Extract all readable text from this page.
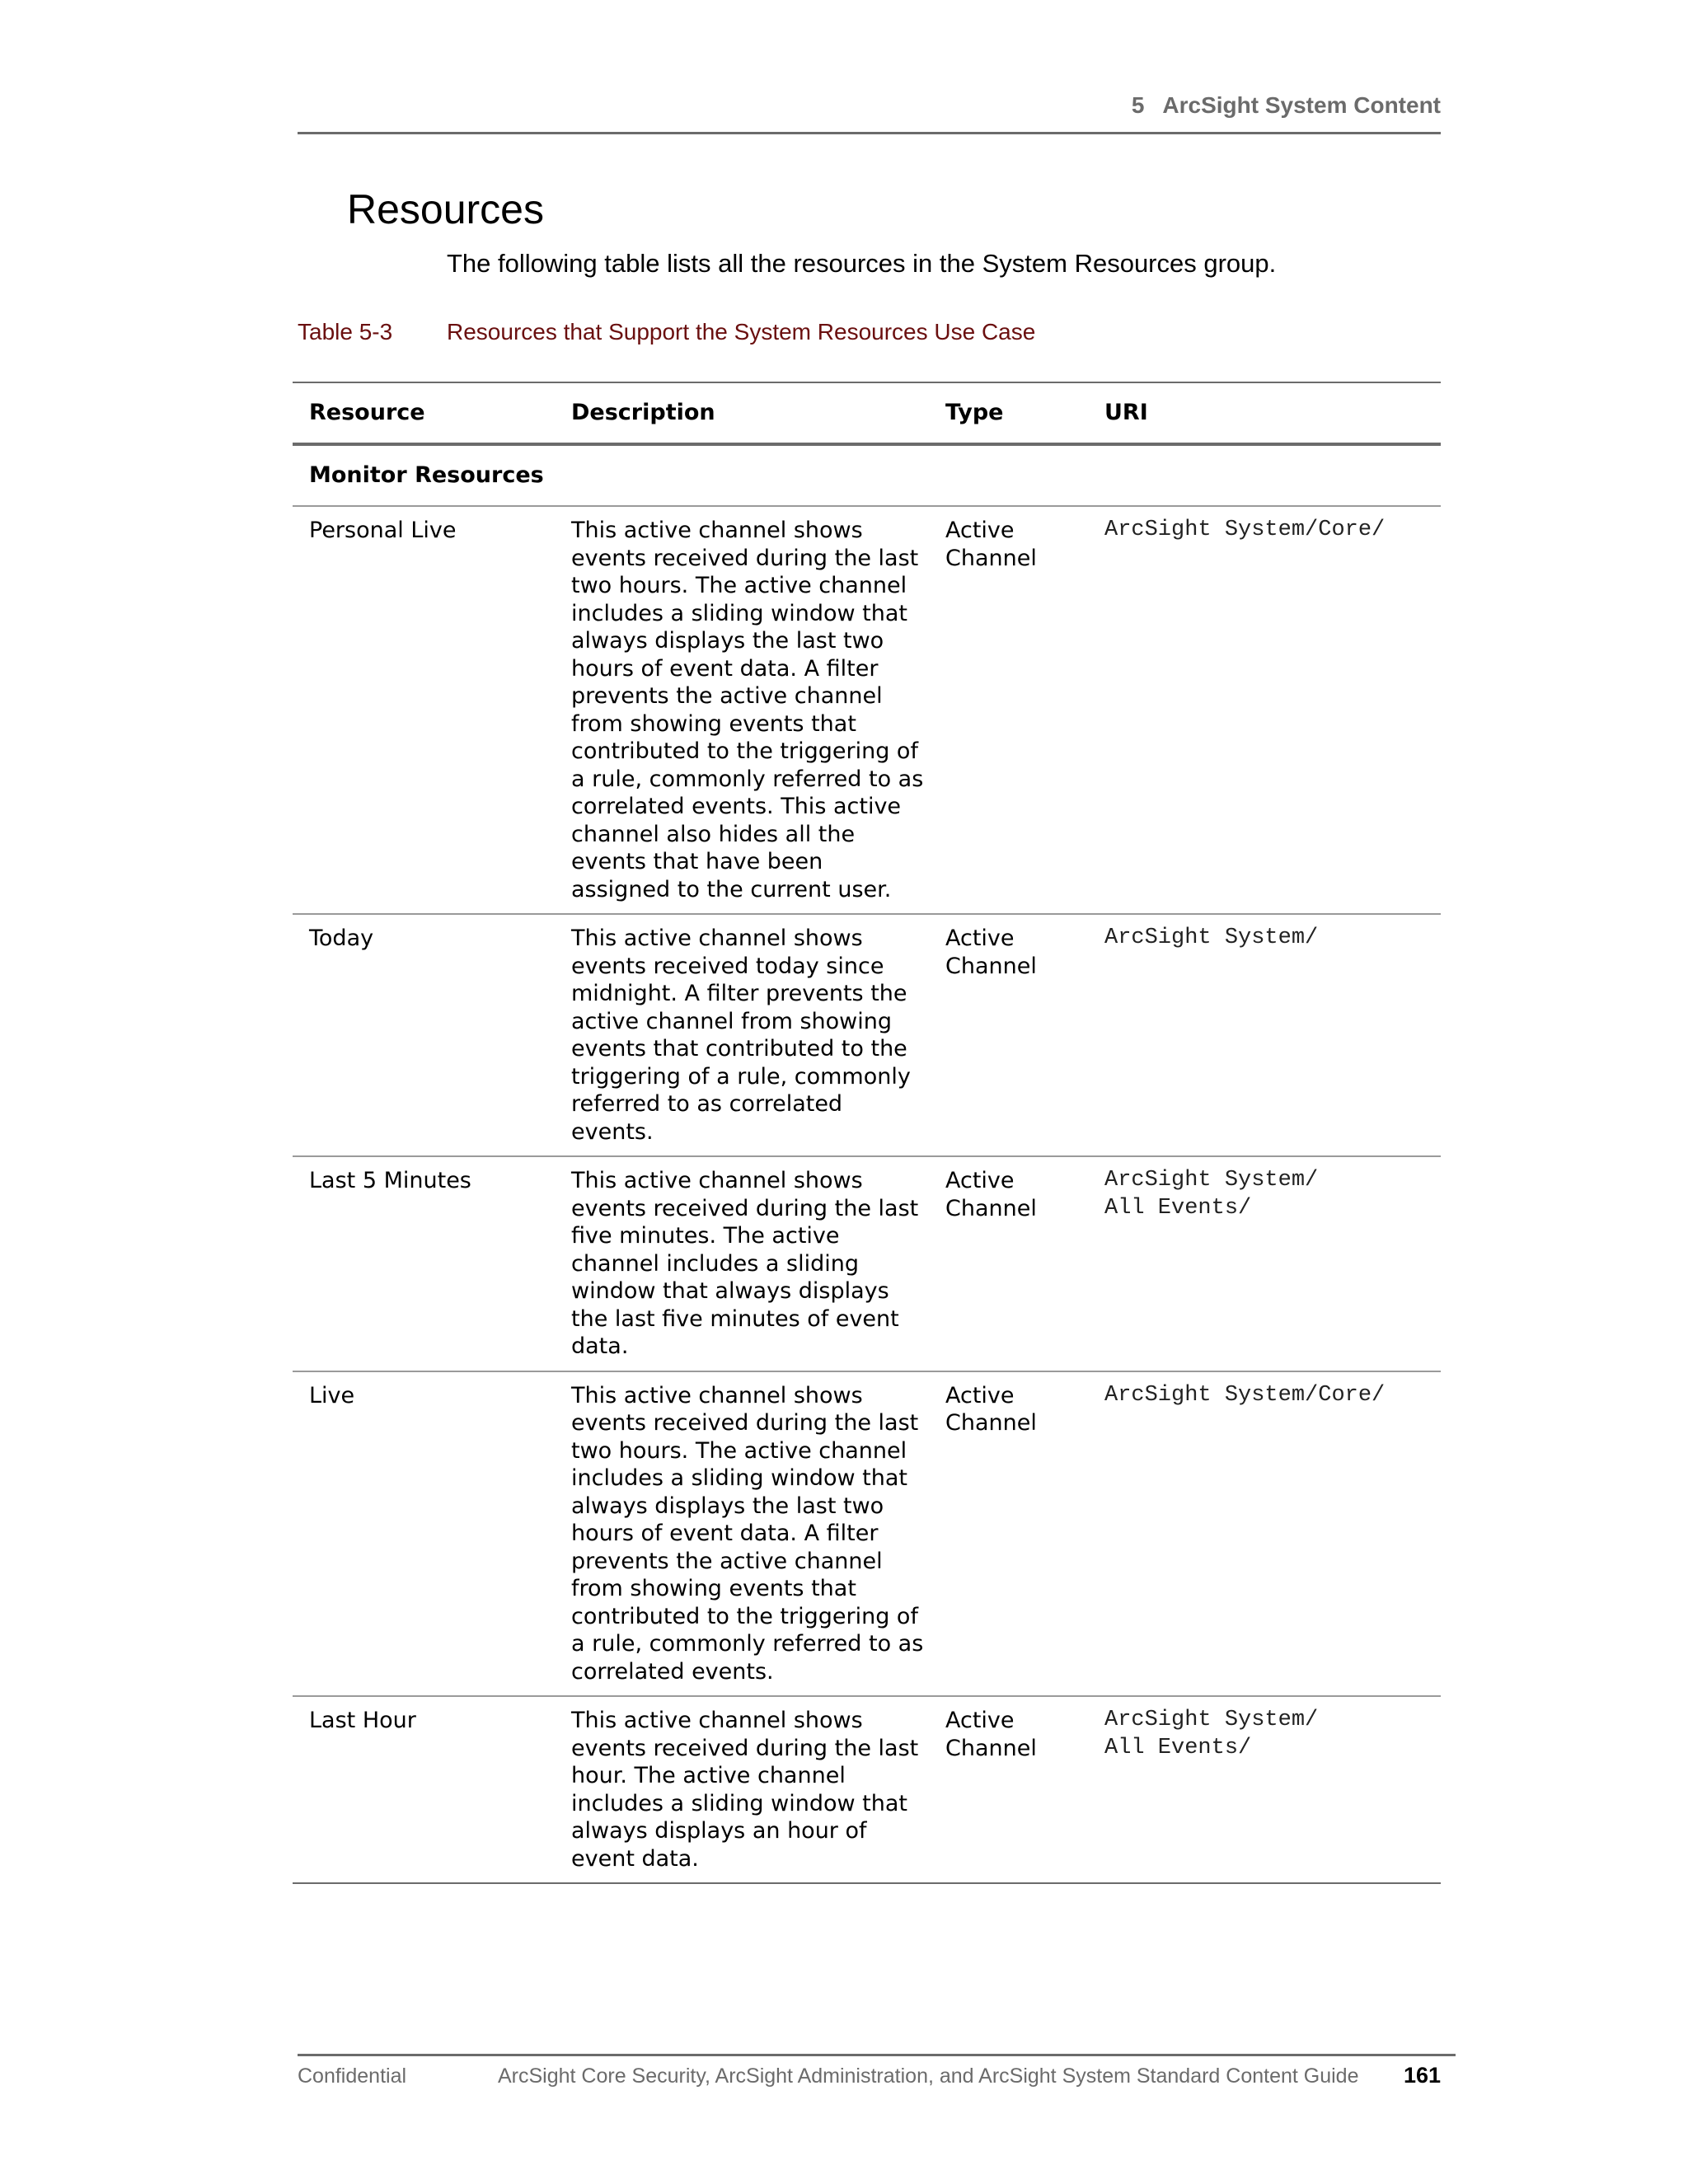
5 ArcSight System Content
Resources

The following table lists all the resources in the System Resources group.

Table 5-3 Resources that Support the System Resources Use Case
Resource	Description	Type	URI
Monitor Resources			
Personal Live	This active channel shows events received during the last two hours. The active channel includes a sliding window that always displays the last two hours of event data. A filter prevents the active channel from showing events that contributed to the triggering of a rule, commonly referred to as correlated events. This active channel also hides all the events that have been assigned to the current user.	Active Channel	ArcSight System/Core/
Today	This active channel shows events received today since midnight. A filter prevents the active channel from showing events that contributed to the triggering of a rule, commonly referred to as correlated events.	Active Channel	ArcSight System/
Last 5 Minutes	This active channel shows events received during the last five minutes. The active channel includes a sliding window that always displays the last five minutes of event data.	Active Channel	ArcSight System/
All Events/
Live	This active channel shows events received during the last two hours. The active channel includes a sliding window that always displays the last two hours of event data. A filter prevents the active channel from showing events that contributed to the triggering of a rule, commonly referred to as correlated events.	Active Channel	ArcSight System/Core/
Last Hour	This active channel shows events received during the last hour. The active channel includes a sliding window that always displays an hour of event data.	Active Channel	ArcSight System/
All Events/
Confidential	ArcSight Core Security, ArcSight Administration, and ArcSight System Standard Content Guide 161
